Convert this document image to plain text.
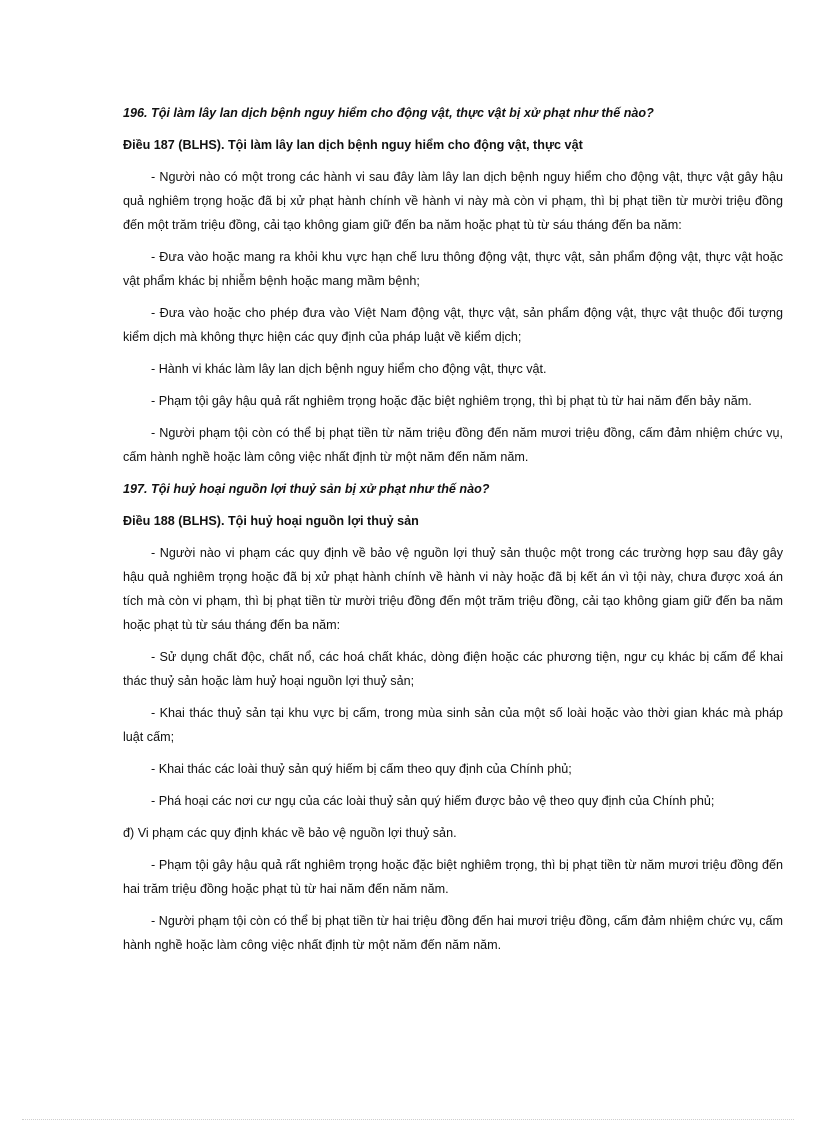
196. Tội làm lây lan dịch bệnh nguy hiểm cho động vật, thực vật bị xử phạt như thế nào?

Điều 187 (BLHS). Tội làm lây lan dịch bệnh nguy hiểm cho động vật, thực vật

- Người nào có một trong các hành vi sau đây làm lây lan dịch bệnh nguy hiểm cho động vật, thực vật gây hậu quả nghiêm trọng hoặc đã bị xử phạt hành chính về hành vi này mà còn vi phạm, thì bị phạt tiền từ mười triệu đồng đến một trăm triệu đồng, cải tạo không giam giữ đến ba năm hoặc phạt tù từ sáu tháng đến ba năm:

- Đưa vào hoặc mang ra khỏi khu vực hạn chế lưu thông động vật, thực vật, sản phẩm động vật, thực vật hoặc vật phẩm khác bị nhiễm bệnh hoặc mang mầm bệnh;

- Đưa vào hoặc cho phép đưa vào Việt Nam động vật, thực vật, sản phẩm động vật, thực vật thuộc đối tượng kiểm dịch mà không thực hiện các quy định của pháp luật về kiểm dịch;

- Hành vi khác làm lây lan dịch bệnh nguy hiểm cho động vật, thực vật.

- Phạm tội gây hậu quả rất nghiêm trọng hoặc đặc biệt nghiêm trọng, thì bị phạt tù từ hai năm đến bảy năm.

- Người phạm tội còn có thể bị phạt tiền từ năm triệu đồng đến năm mươi triệu đồng, cấm đảm nhiệm chức vụ, cấm hành nghề hoặc làm công việc nhất định từ một năm đến năm năm.

197. Tội huỷ hoại nguồn lợi thuỷ sản bị xử phạt như thế nào?

Điều 188 (BLHS). Tội huỷ hoại nguồn lợi thuỷ sản

- Người nào vi phạm các quy định về bảo vệ nguồn lợi thuỷ sản thuộc một trong các trường hợp sau đây gây hậu quả nghiêm trọng hoặc đã bị xử phạt hành chính về hành vi này hoặc đã bị kết án vì tội này, chưa được xoá án tích mà còn vi phạm, thì bị phạt tiền từ mười triệu đồng đến một trăm triệu đồng, cải tạo không giam giữ đến ba năm hoặc phạt tù từ sáu tháng đến ba năm:

- Sử dụng chất độc, chất nổ, các hoá chất khác, dòng điện hoặc các phương tiện, ngư cụ khác bị cấm để khai thác thuỷ sản hoặc làm huỷ hoại nguồn lợi thuỷ sản;

- Khai thác thuỷ sản tại khu vực bị cấm, trong mùa sinh sản của một số loài hoặc vào thời gian khác mà pháp luật cấm;

- Khai thác các loài thuỷ sản quý hiếm bị cấm theo quy định của Chính phủ;

- Phá hoại các nơi cư ngụ của các loài thuỷ sản quý hiếm được bảo vệ theo quy định của Chính phủ;

đ) Vi phạm các quy định khác về bảo vệ nguồn lợi thuỷ sản.

- Phạm tội gây hậu quả rất nghiêm trọng hoặc đặc biệt nghiêm trọng, thì bị phạt tiền từ năm mươi triệu đồng đến hai trăm triệu đồng hoặc phạt tù từ hai năm đến năm năm.

- Người phạm tội còn có thể bị phạt tiền từ hai triệu đồng đến hai mươi triệu đồng, cấm đảm nhiệm chức vụ, cấm hành nghề hoặc làm công việc nhất định từ một năm đến năm năm.
